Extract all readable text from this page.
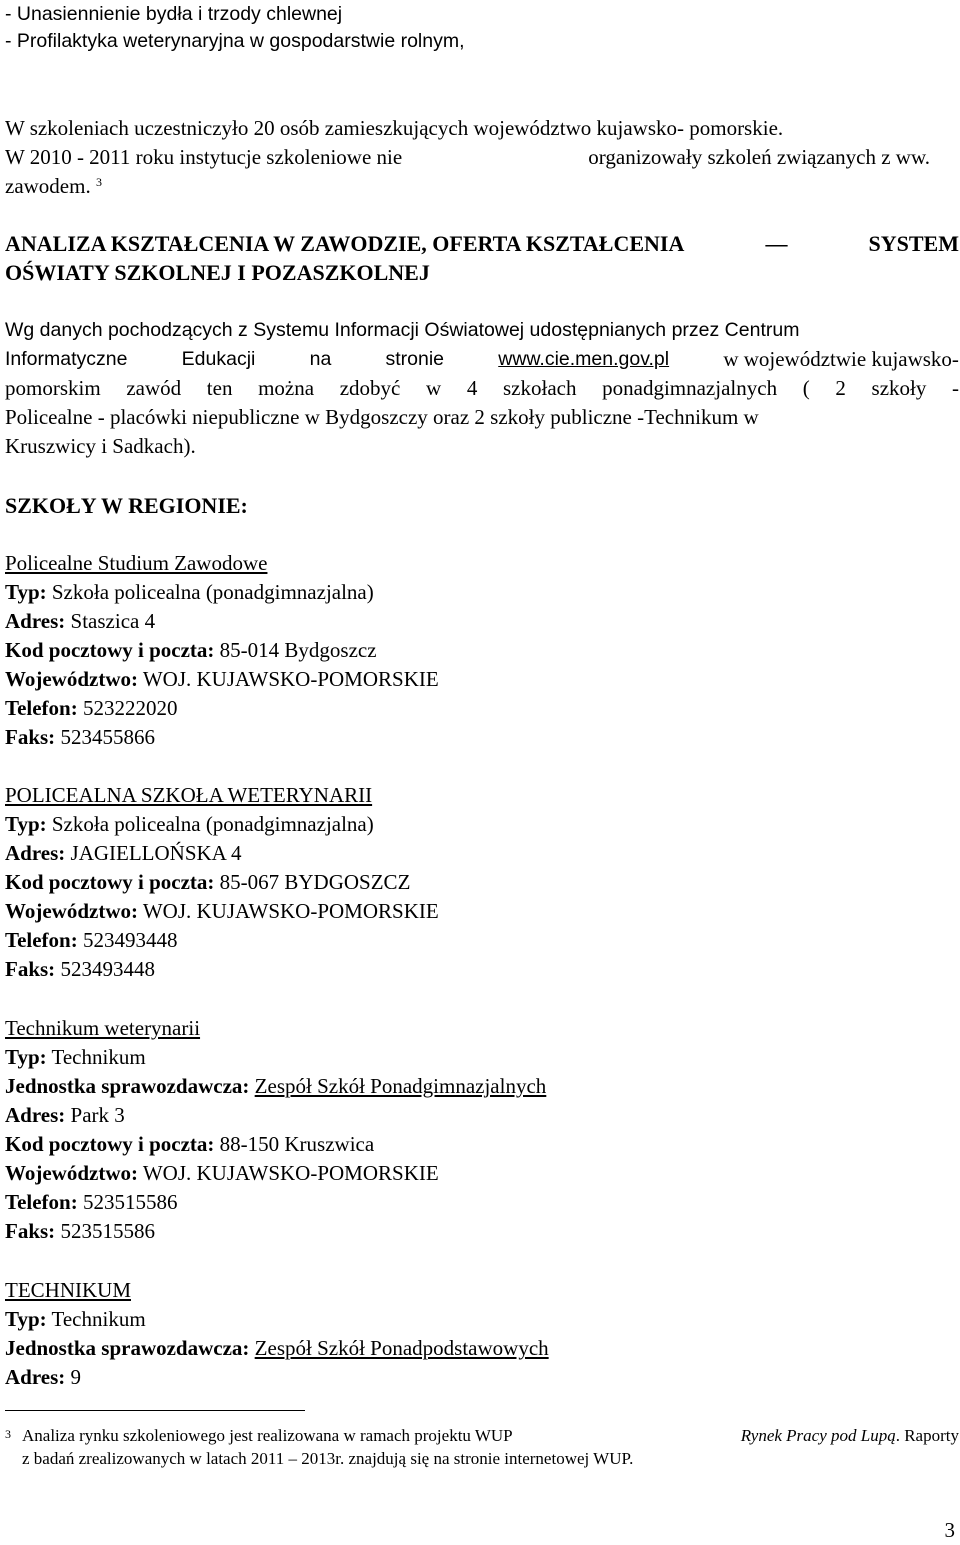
- Unasiennienie bydła i trzody chlewnej
- Profilaktyka weterynaryjna w gospodarstwie rolnym,
W szkoleniach uczestniczyło 20 osób zamieszkujących województwo kujawsko- pomorskie.
W 2010 - 2011 roku instytucje szkoleniowe nie	organizowały szkoleń związanych z ww.
zawodem. $^3$
ANALIZA KSZTAŁCENIA W ZAWODZIE, OFERTA KSZTAŁCENIA	—	SYSTEM
OŚWIATY SZKOLNEJ I POZASZKOLNEJ
Wg danych pochodzących z Systemu Informacji Oświatowej udostępnianych przez Centrum
Informatyczne	Edukacji	na	stronie	www.cie.men.gov.pl	w województwie kujawsko-
pomorskim zawód ten można zdobyć w 4 szkołach ponadgimnazjalnych ( 2 szkoły -
Policealne - placówki niepubliczne w Bydgoszczy oraz 2 szkoły publiczne -Technikum w
Kruszwicy i Sadkach).
SZKOŁY W REGIONIE:
Policealne Studium Zawodowe
Typ: Szkoła policealna (ponadgimnazjalna)
Adres: Staszica 4
Kod pocztowy i poczta: 85-014 Bydgoszcz
Województwo: WOJ. KUJAWSKO-POMORSKIE
Telefon: 523222020
Faks: 523455866
POLICEALNA SZKOŁA WETERYNARII
Typ: Szkoła policealna (ponadgimnazjalna)
Adres: JAGIELLOŃSKA 4
Kod pocztowy i poczta: 85-067 BYDGOSZCZ
Województwo: WOJ. KUJAWSKO-POMORSKIE
Telefon: 523493448
Faks: 523493448
Technikum weterynarii
Typ: Technikum
Jednostka sprawozdawcza: Zespół Szkół Ponadgimnazjalnych
Adres: Park 3
Kod pocztowy i poczta: 88-150 Kruszwica
Województwo: WOJ. KUJAWSKO-POMORSKIE
Telefon: 523515586
Faks: 523515586
TECHNIKUM
Typ: Technikum
Jednostka sprawozdawcza: Zespół Szkół Ponadpodstawowych
Adres: 9
3 Analiza rynku szkoleniowego jest realizowana w ramach projektu WUP	Rynek Pracy pod Lupą. Raporty
z badań zrealizowanych w latach 2011 – 2013r. znajdują się na stronie internetowej WUP.
3
